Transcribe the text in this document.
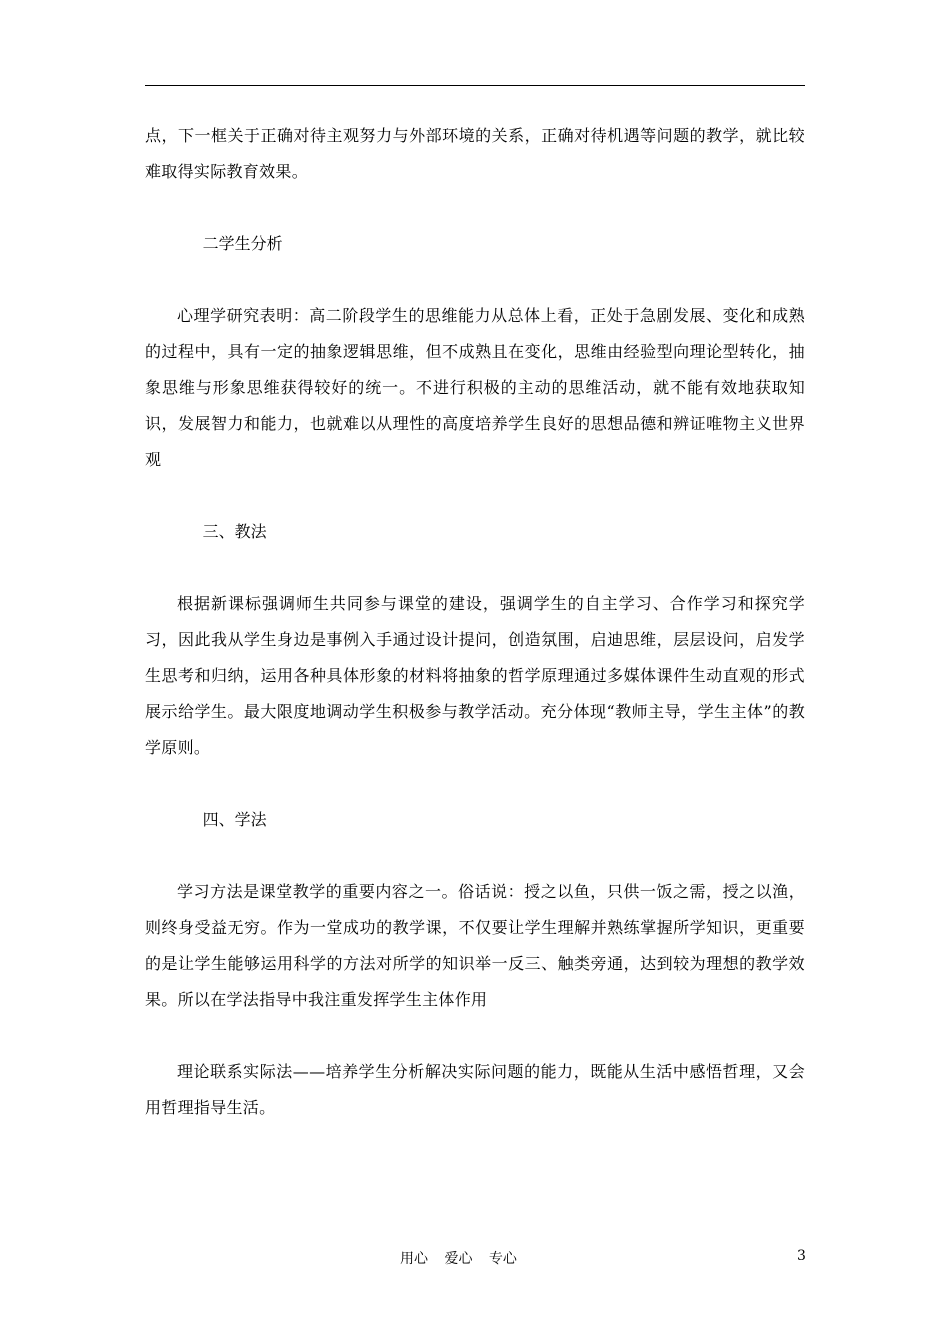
点，下一框关于正确对待主观努力与外部环境的关系，正确对待机遇等问题的教学，就比较难取得实际教育效果。

二学生分析

心理学研究表明：高二阶段学生的思维能力从总体上看，正处于急剧发展、变化和成熟的过程中，具有一定的抽象逻辑思维，但不成熟且在变化，思维由经验型向理论型转化，抽象思维与形象思维获得较好的统一。不进行积极的主动的思维活动，就不能有效地获取知识，发展智力和能力，也就难以从理性的高度培养学生良好的思想品德和辨证唯物主义世界观

三、教法

根据新课标强调师生共同参与课堂的建设，强调学生的自主学习、合作学习和探究学习，因此我从学生身边是事例入手通过设计提问，创造氛围，启迪思维，层层设问，启发学生思考和归纳，运用各种具体形象的材料将抽象的哲学原理通过多媒体课件生动直观的形式展示给学生。最大限度地调动学生积极参与教学活动。充分体现“教师主导，学生主体”的教学原则。

四、学法

学习方法是课堂教学的重要内容之一。俗话说：授之以鱼，只供一饭之需，授之以渔，则终身受益无穷。作为一堂成功的教学课，不仅要让学生理解并熟练掌握所学知识，更重要的是让学生能够运用科学的方法对所学的知识举一反三、触类旁通，达到较为理想的教学效果。所以在学法指导中我注重发挥学生主体作用

理论联系实际法——培养学生分析解决实际问题的能力，既能从生活中感悟哲理，又会用哲理指导生活。

用心 爱心 专心	3
